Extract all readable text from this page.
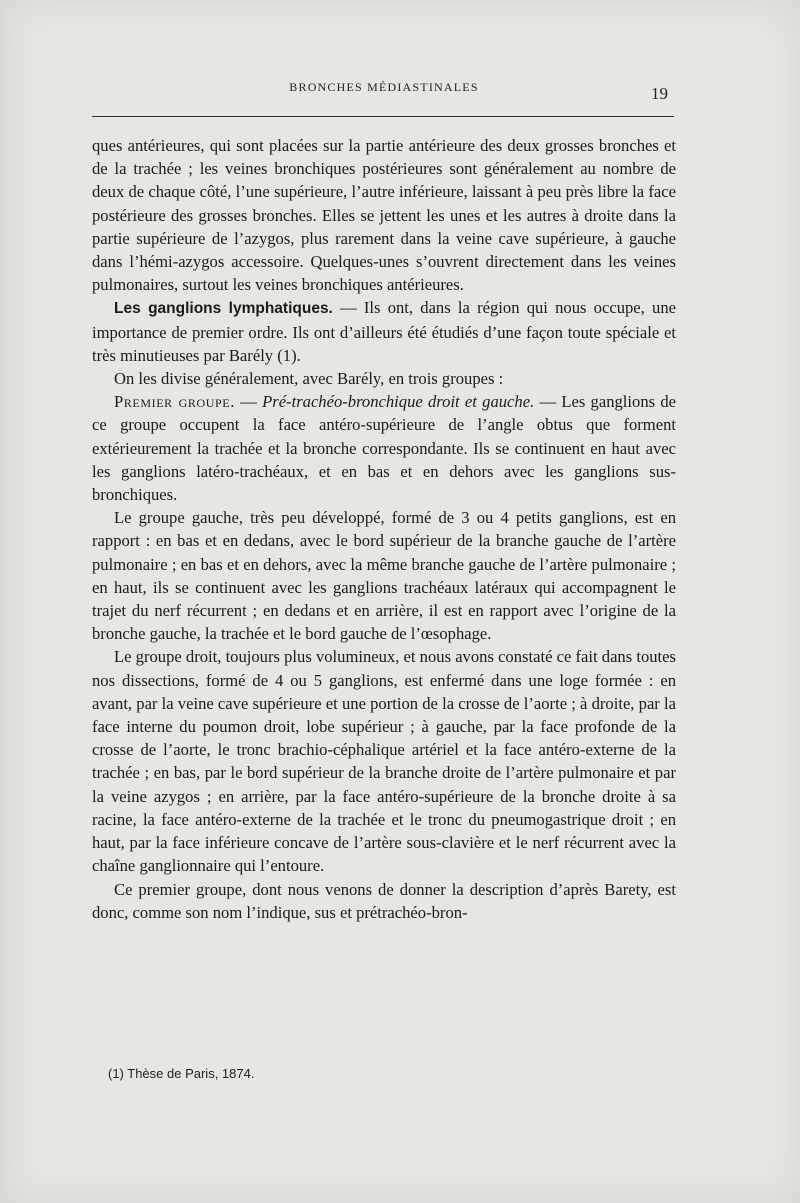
BRONCHES MÉDIASTINALES	19

ques antérieures, qui sont placées sur la partie antérieure des deux grosses bronches et de la trachée ; les veines bronchiques postérieures sont généralement au nombre de deux de chaque côté, l’une supérieure, l’autre inférieure, laissant à peu près libre la face postérieure des grosses bronches. Elles se jettent les unes et les autres à droite dans la partie supérieure de l’azygos, plus rarement dans la veine cave supérieure, à gauche dans l’hémi-azygos accessoire. Quelques-unes s’ouvrent directement dans les veines pulmonaires, surtout les veines bronchiques antérieures.

Les ganglions lymphatiques. — Ils ont, dans la région qui nous occupe, une importance de premier ordre. Ils ont d’ailleurs été étudiés d’une façon toute spéciale et très minutieuses par Barély (1).

On les divise généralement, avec Barély, en trois groupes :

Premier groupe. — Pré-trachéo-bronchique droit et gauche. — Les ganglions de ce groupe occupent la face antéro-supérieure de l’angle obtus que forment extérieurement la trachée et la bronche correspondante. Ils se continuent en haut avec les ganglions latéro-trachéaux, et en bas et en dehors avec les ganglions sus-bronchiques.

Le groupe gauche, très peu développé, formé de 3 ou 4 petits ganglions, est en rapport : en bas et en dedans, avec le bord supérieur de la branche gauche de l’artère pulmonaire ; en bas et en dehors, avec la même branche gauche de l’artère pulmonaire ; en haut, ils se continuent avec les ganglions trachéaux latéraux qui accompagnent le trajet du nerf récurrent ; en dedans et en arrière, il est en rapport avec l’origine de la bronche gauche, la trachée et le bord gauche de l’œsophage.

Le groupe droit, toujours plus volumineux, et nous avons constaté ce fait dans toutes nos dissections, formé de 4 ou 5 ganglions, est enfermé dans une loge formée : en avant, par la veine cave supérieure et une portion de la crosse de l’aorte ; à droite, par la face interne du poumon droit, lobe supérieur ; à gauche, par la face profonde de la crosse de l’aorte, le tronc brachio-céphalique artériel et la face antéro-externe de la trachée ; en bas, par le bord supérieur de la branche droite de l’artère pulmonaire et par la veine azygos ; en arrière, par la face antéro-supérieure de la bronche droite à sa racine, la face antéro-externe de la trachée et le tronc du pneumogastrique droit ; en haut, par la face inférieure concave de l’artère sous-clavière et le nerf récurrent avec la chaîne ganglionnaire qui l’entoure.

Ce premier groupe, dont nous venons de donner la description d’après Barety, est donc, comme son nom l’indique, sus et prétrachéo-bron-

(1) Thèse de Paris, 1874.
